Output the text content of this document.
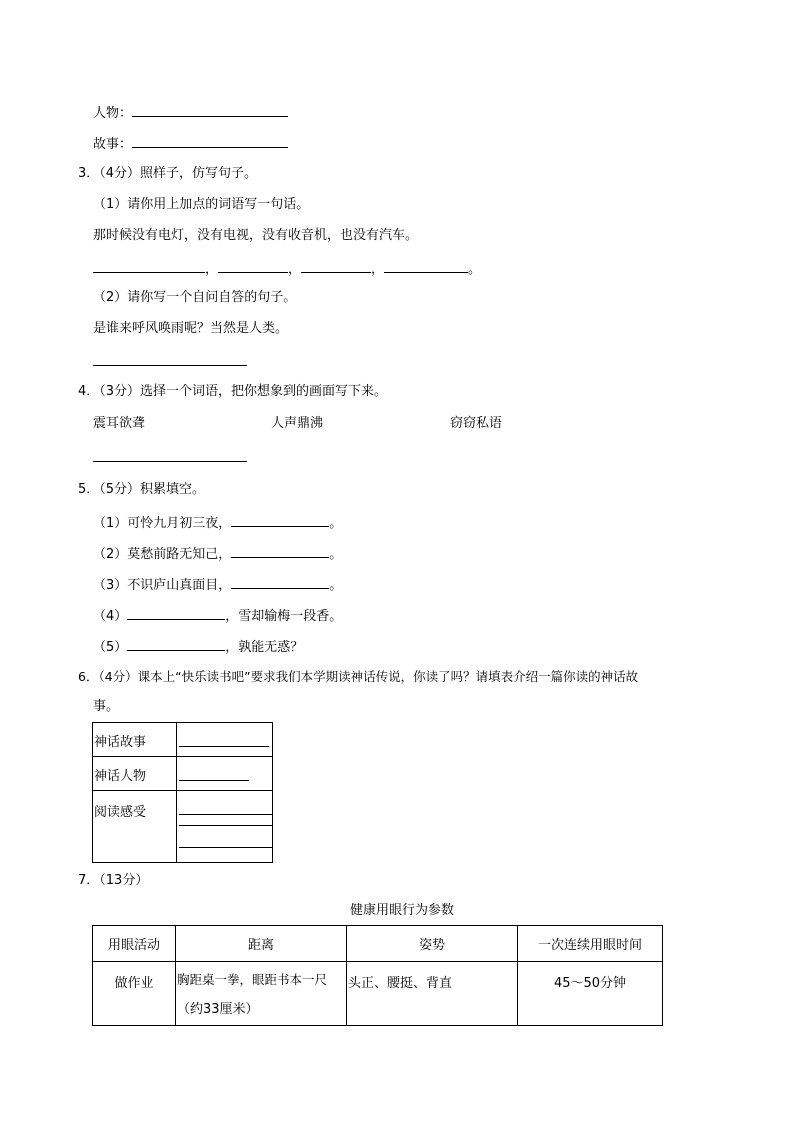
人物：
故事：
3．（4分）照样子，仿写句子。
（1）请你用上加点的词语写一句话。
那时候没有电灯，没有电视，没有收音机，也没有汽车。
，	，	，	。
（2）请你写一个自问自答的句子。
是谁来呼风唤雨呢？当然是人类。
4．（3分）选择一个词语，把你想象到的画面写下来。
震耳欲聋	人声鼎沸	窃窃私语
5．（5分）积累填空。
（1）可怜九月初三夜，	。
（2）莫愁前路无知己，	。
（3）不识庐山真面目，	。
（4）	，雪却输梅一段香。
（5）	，孰能无惑？
6．（4分）课本上“快乐读书吧”要求我们本学期读神话传说，你读了吗？请填表介绍一篇你读的神话故
事。
神话故事	

神话人物	

阅读感受	
7．（13分）
健康用眼行为参数
用眼活动	距离	姿势	一次连续用眼时间
做作业	胸距桌一拳，眼距书本一尺
（约33厘米）	头正、腰挺、背直	45～50分钟
